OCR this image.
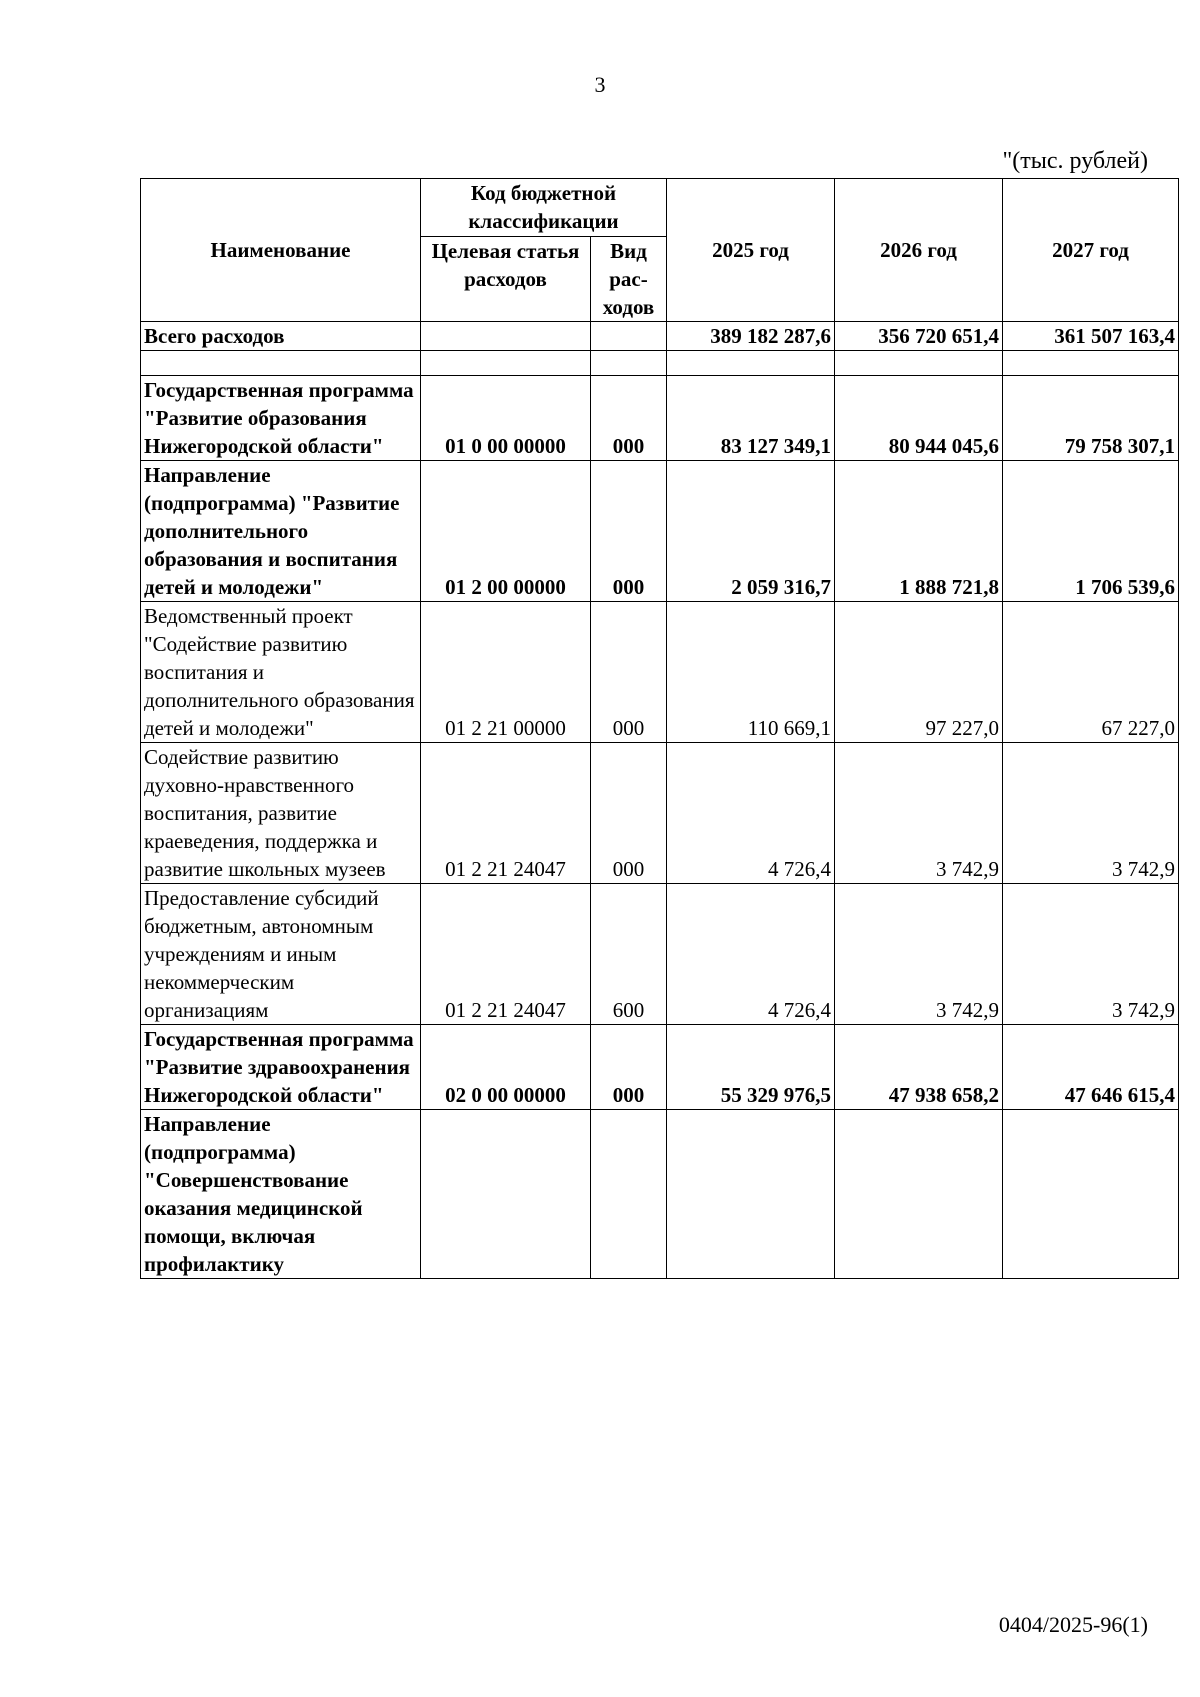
3
"(тыс. рублей)
Наименование	Код бюджетной классификации		2025 год	2026 год	2027 год
	Целевая статья расходов	Вид рас-ходов			
Всего расходов			389 182 287,6	356 720 651,4	361 507 163,4

Государственная программа "Развитие образования Нижегородской области"	01 0 00 00000	000	83 127 349,1	80 944 045,6	79 758 307,1
Направление (подпрограмма) "Развитие дополнительного образования и воспитания детей и молодежи"	01 2 00 00000	000	2 059 316,7	1 888 721,8	1 706 539,6
Ведомственный проект "Содействие развитию воспитания и дополнительного образования детей и молодежи"	01 2 21 00000	000	110 669,1	97 227,0	67 227,0
Содействие развитию духовно-нравственного воспитания, развитие краеведения, поддержка и развитие школьных музеев	01 2 21 24047	000	4 726,4	3 742,9	3 742,9
Предоставление субсидий бюджетным, автономным учреждениям и иным некоммерческим организациям	01 2 21 24047	600	4 726,4	3 742,9	3 742,9
Государственная программа "Развитие здравоохранения Нижегородской области"	02 0 00 00000	000	55 329 976,5	47 938 658,2	47 646 615,4
Направление (подпрограмма) "Совершенствование оказания медицинской помощи, включая профилактику					
0404/2025-96(1)
